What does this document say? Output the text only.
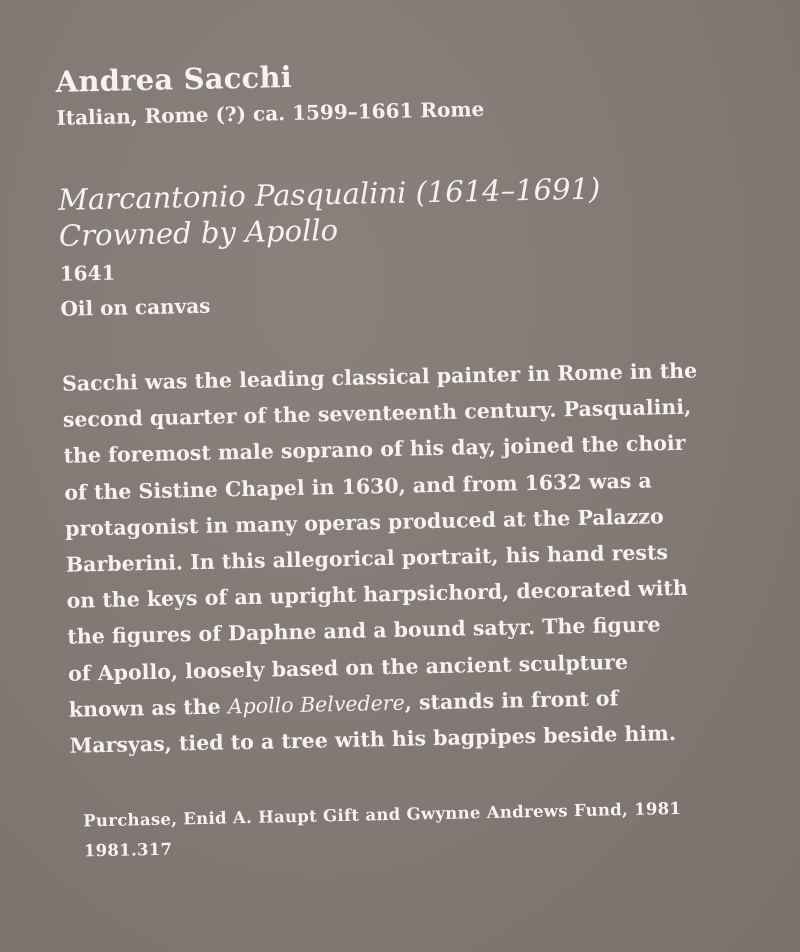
Andrea Sacchi
Italian, Rome (?) ca. 1599–1661 Rome
Marcantonio Pasqualini (1614–1691)
Crowned by Apollo
1641
Oil on canvas
Sacchi was the leading classical painter in Rome in the
second quarter of the seventeenth century. Pasqualini,
the foremost male soprano of his day, joined the choir
of the Sistine Chapel in 1630, and from 1632 was a
protagonist in many operas produced at the Palazzo
Barberini. In this allegorical portrait, his hand rests
on the keys of an upright harpsichord, decorated with
the figures of Daphne and a bound satyr. The figure
of Apollo, loosely based on the ancient sculpture
known as the Apollo Belvedere, stands in front of
Marsyas, tied to a tree with his bagpipes beside him.
Purchase, Enid A. Haupt Gift and Gwynne Andrews Fund, 1981
1981.317
